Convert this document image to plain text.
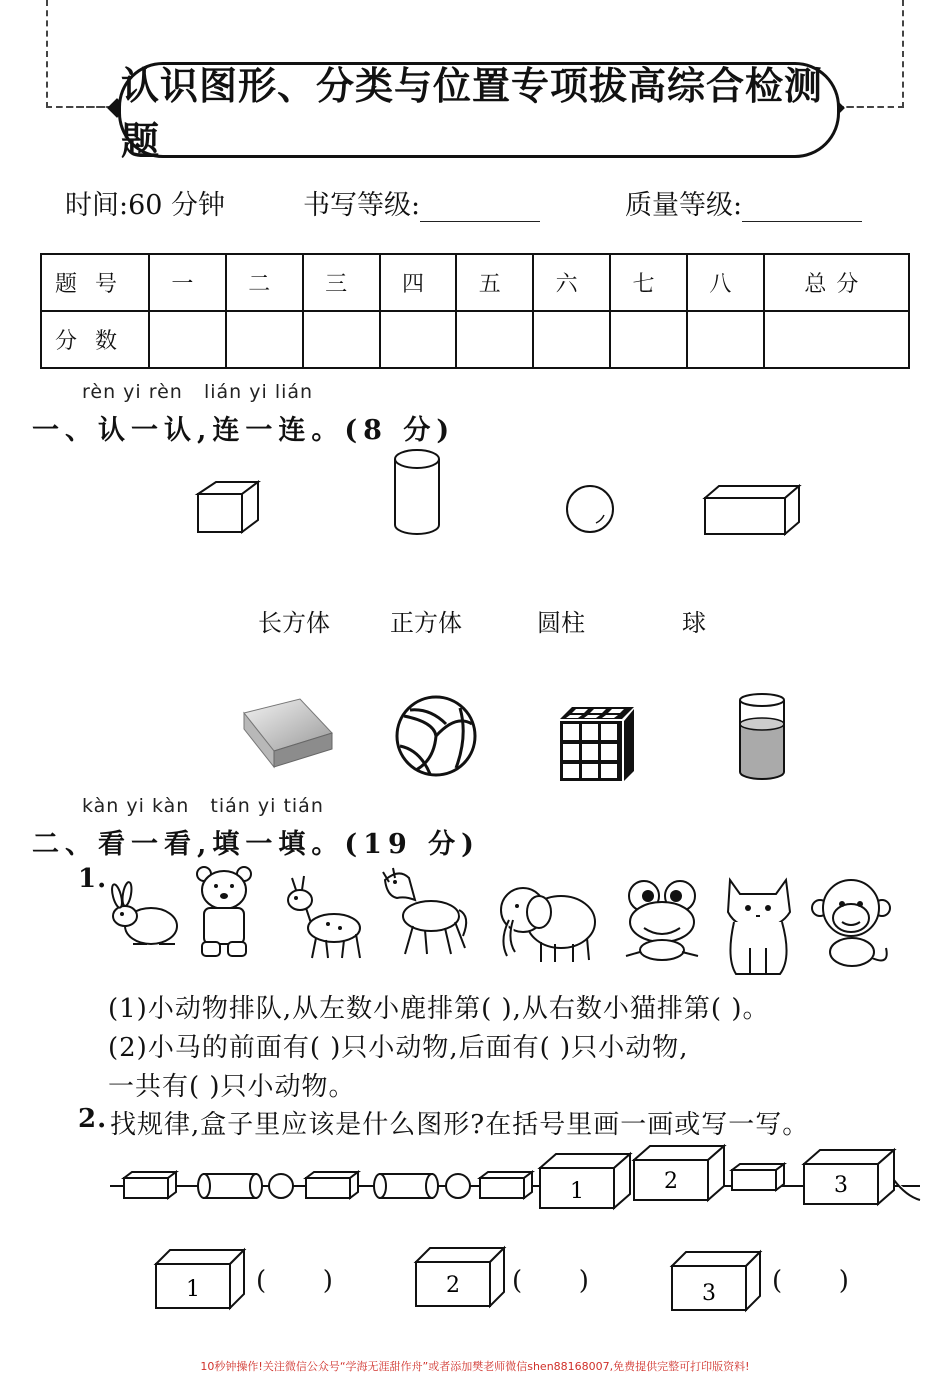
认识图形、分类与位置专项拔高综合检测题
时间:60 分钟	书写等级:	质量等级:
题号	一	二	三	四	五	六	七	八	总分
分数									
rèn yi rèn   lián yi lián
一、认一认,连一连。(8 分)
长方体	正方体	圆柱	球
kàn yi kàn   tián yi tián
二、看一看,填一填。(19 分)
1.
(1)小动物排队,从左数小鹿排第( ),从右数小猫排第( )。
(2)小马的前面有( )只小动物,后面有( )只小动物,
一共有( )只小动物。
2. 找规律,盒子里应该是什么图形?在括号里画一画或写一写。
1	2	3
1 (      )	2 (      )	3 (      )
10秒钟操作!关注微信公众号“学海无涯甜作舟”或者添加樊老师微信shen88168007,免费提供完整可打印版资料!
